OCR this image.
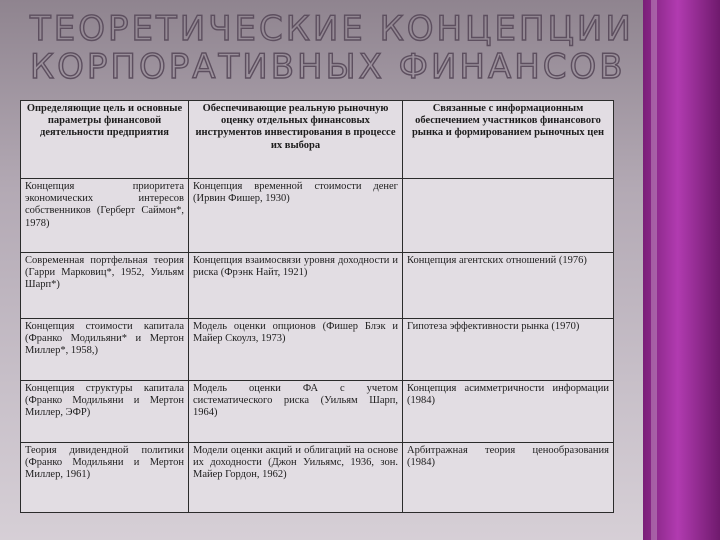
ТЕОРЕТИЧЕСКИЕ КОНЦЕПЦИИ
КОРПОРАТИВНЫХ ФИНАНСОВ
Определяющие цель и основные параметры финансовой деятельности предприятия	Обеспечивающие реальную рыночную оценку отдельных финансовых инструментов инвестирования в процессе их выбора	Связанные с информационным обеспечением участников финансового рынка и формированием рыночных цен
Концепция приоритета экономических интересов собственников (Герберт Саймон*, 1978)	Концепция временной стоимости денег (Ирвин Фишер, 1930)	
Современная портфельная теория (Гарри Марковиц*, 1952, Уильям Шарп*)	Концепция взаимосвязи уровня доходности и риска (Фрэнк Найт, 1921)	Концепция агентских отношений (1976)
Концепция стоимости капитала (Франко Модильяни* и Мертон Миллер*, 1958,)	Модель оценки опционов (Фишер Блэк и Майер Скоулз, 1973)	Гипотеза эффективности рынка (1970)
Концепция структуры капитала (Франко Модильяни и Мертон Миллер, ЭФР)	Модель оценки ФА с учетом систематического риска (Уильям Шарп, 1964)	Концепция асимметричности информации (1984)
Теория дивидендной политики (Франко Модильяни и Мертон Миллер, 1961)	Модели оценки акций и облигаций на основе их доходности (Джон Уильямс, 1936, зон. Майер Гордон, 1962)	Арбитражная теория ценообразования (1984)
